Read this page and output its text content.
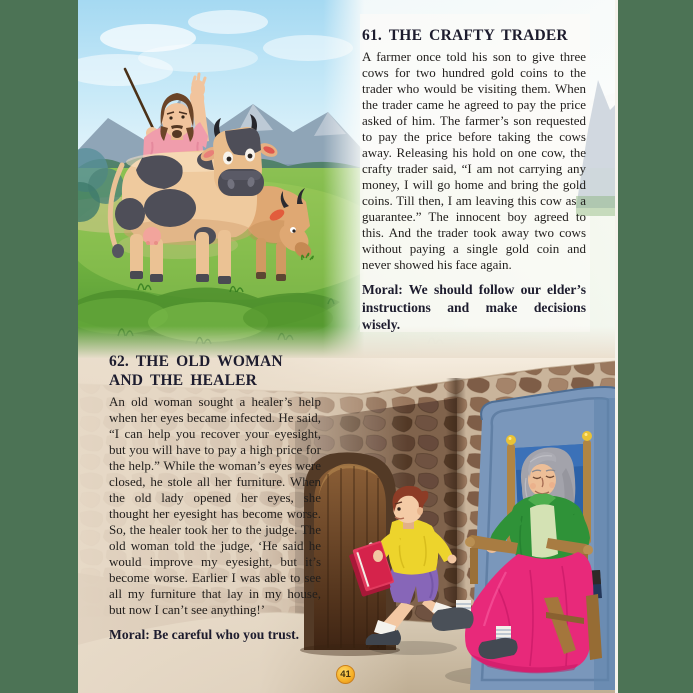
61. THE CRAFTY TRADER

A farmer once told his son to give three cows for two hundred gold coins to the trader who would be visiting them. When the trader came he agreed to pay the price asked of him. The farmer’s son requested to pay the price before taking the cows away. Releasing his hold on one cow, the crafty trader said, “I am not carrying any money, I will go home and bring the gold coins. Till then, I am leaving this cow as a guarantee.” The innocent boy agreed to this. And the trader took away two cows without paying a single gold coin and never showed his face again.

Moral: We should follow our elder’s instructions and make decisions wisely.

62. THE OLD WOMAN AND THE HEALER

An old woman sought a healer’s help when her eyes became infected. He said, “I can help you recover your eyesight, but you will have to pay a high price for the help.” While the woman’s eyes were closed, he stole all her furniture. When the old lady opened her eyes, she thought her eyesight has become worse. So, the healer took her to the judge. The old woman told the judge, ‘He said he would improve my eyesight, but it’s become worse. Earlier I was able to see all my furniture that lay in my house, but now I can’t see anything!’

Moral: Be careful who you trust.

41
